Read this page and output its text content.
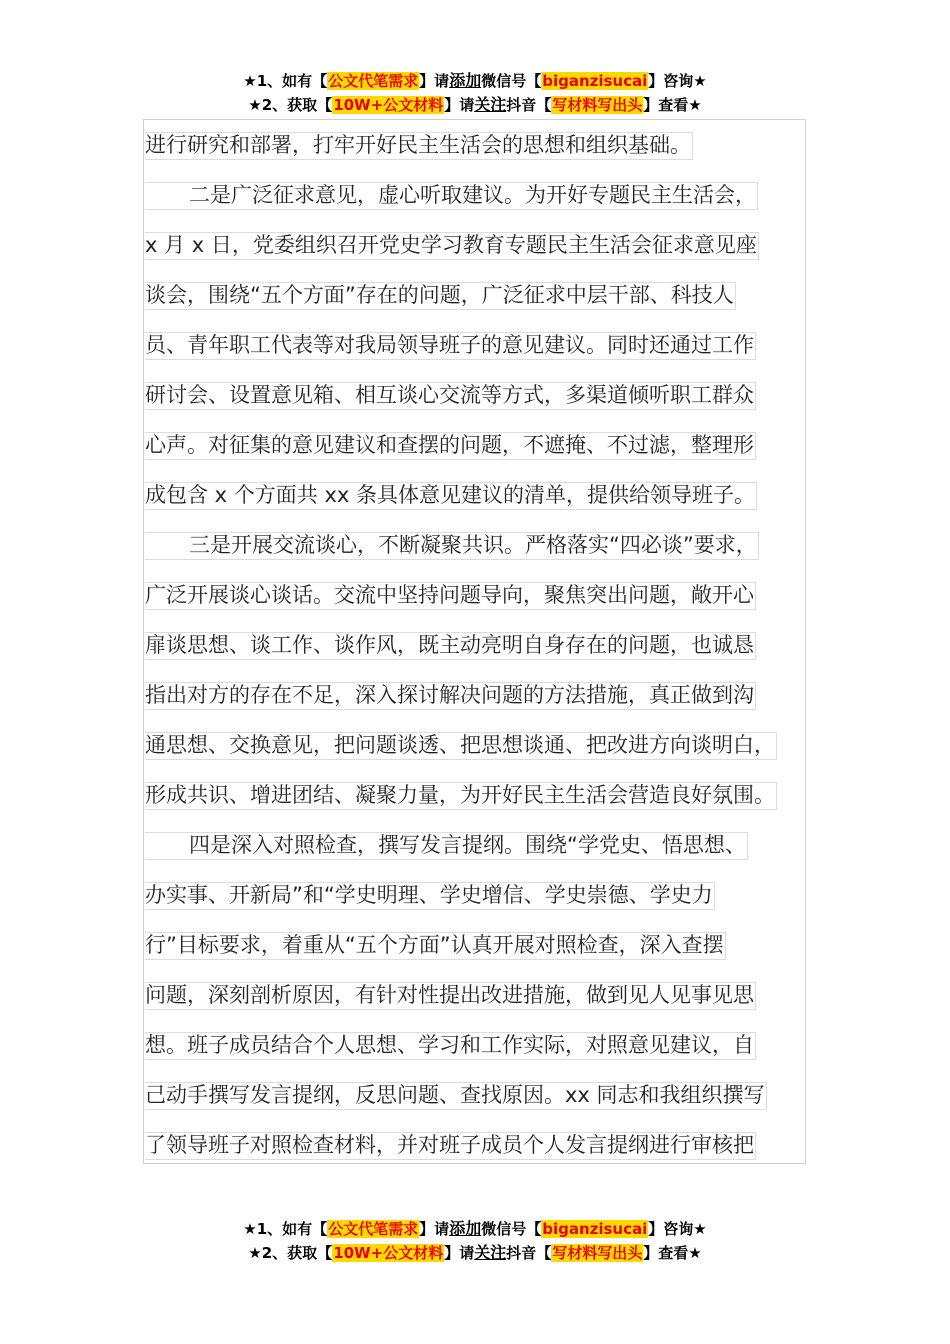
★1、如有【公文代笔需求】请添加微信号【biganzisucai】咨询★
★2、获取【10W+公文材料】请关注抖音【写材料写出头】查看★
进行研究和部署，打牢开好民主生活会的思想和组织基础。
二是广泛征求意见，虚心听取建议。为开好专题民主生活会，
x 月 x 日，党委组织召开党史学习教育专题民主生活会征求意见座
谈会，围绕“五个方面”存在的问题，广泛征求中层干部、科技人
员、青年职工代表等对我局领导班子的意见建议。同时还通过工作
研讨会、设置意见箱、相互谈心交流等方式，多渠道倾听职工群众
心声。对征集的意见建议和查摆的问题，不遮掩、不过滤，整理形
成包含 x 个方面共 xx 条具体意见建议的清单，提供给领导班子。
三是开展交流谈心，不断凝聚共识。严格落实“四必谈”要求，
广泛开展谈心谈话。交流中坚持问题导向，聚焦突出问题，敞开心
扉谈思想、谈工作、谈作风，既主动亮明自身存在的问题，也诚恳
指出对方的存在不足，深入探讨解决问题的方法措施，真正做到沟
通思想、交换意见，把问题谈透、把思想谈通、把改进方向谈明白，
形成共识、增进团结、凝聚力量，为开好民主生活会营造良好氛围。
四是深入对照检查，撰写发言提纲。围绕“学党史、悟思想、
办实事、开新局”和“学史明理、学史增信、学史崇德、学史力
行”目标要求，着重从“五个方面”认真开展对照检查，深入查摆
问题，深刻剖析原因，有针对性提出改进措施，做到见人见事见思
想。班子成员结合个人思想、学习和工作实际，对照意见建议，自
己动手撰写发言提纲，反思问题、查找原因。xx 同志和我组织撰写
了领导班子对照检查材料，并对班子成员个人发言提纲进行审核把
★1、如有【公文代笔需求】请添加微信号【biganzisucai】咨询★
★2、获取【10W+公文材料】请关注抖音【写材料写出头】查看★
